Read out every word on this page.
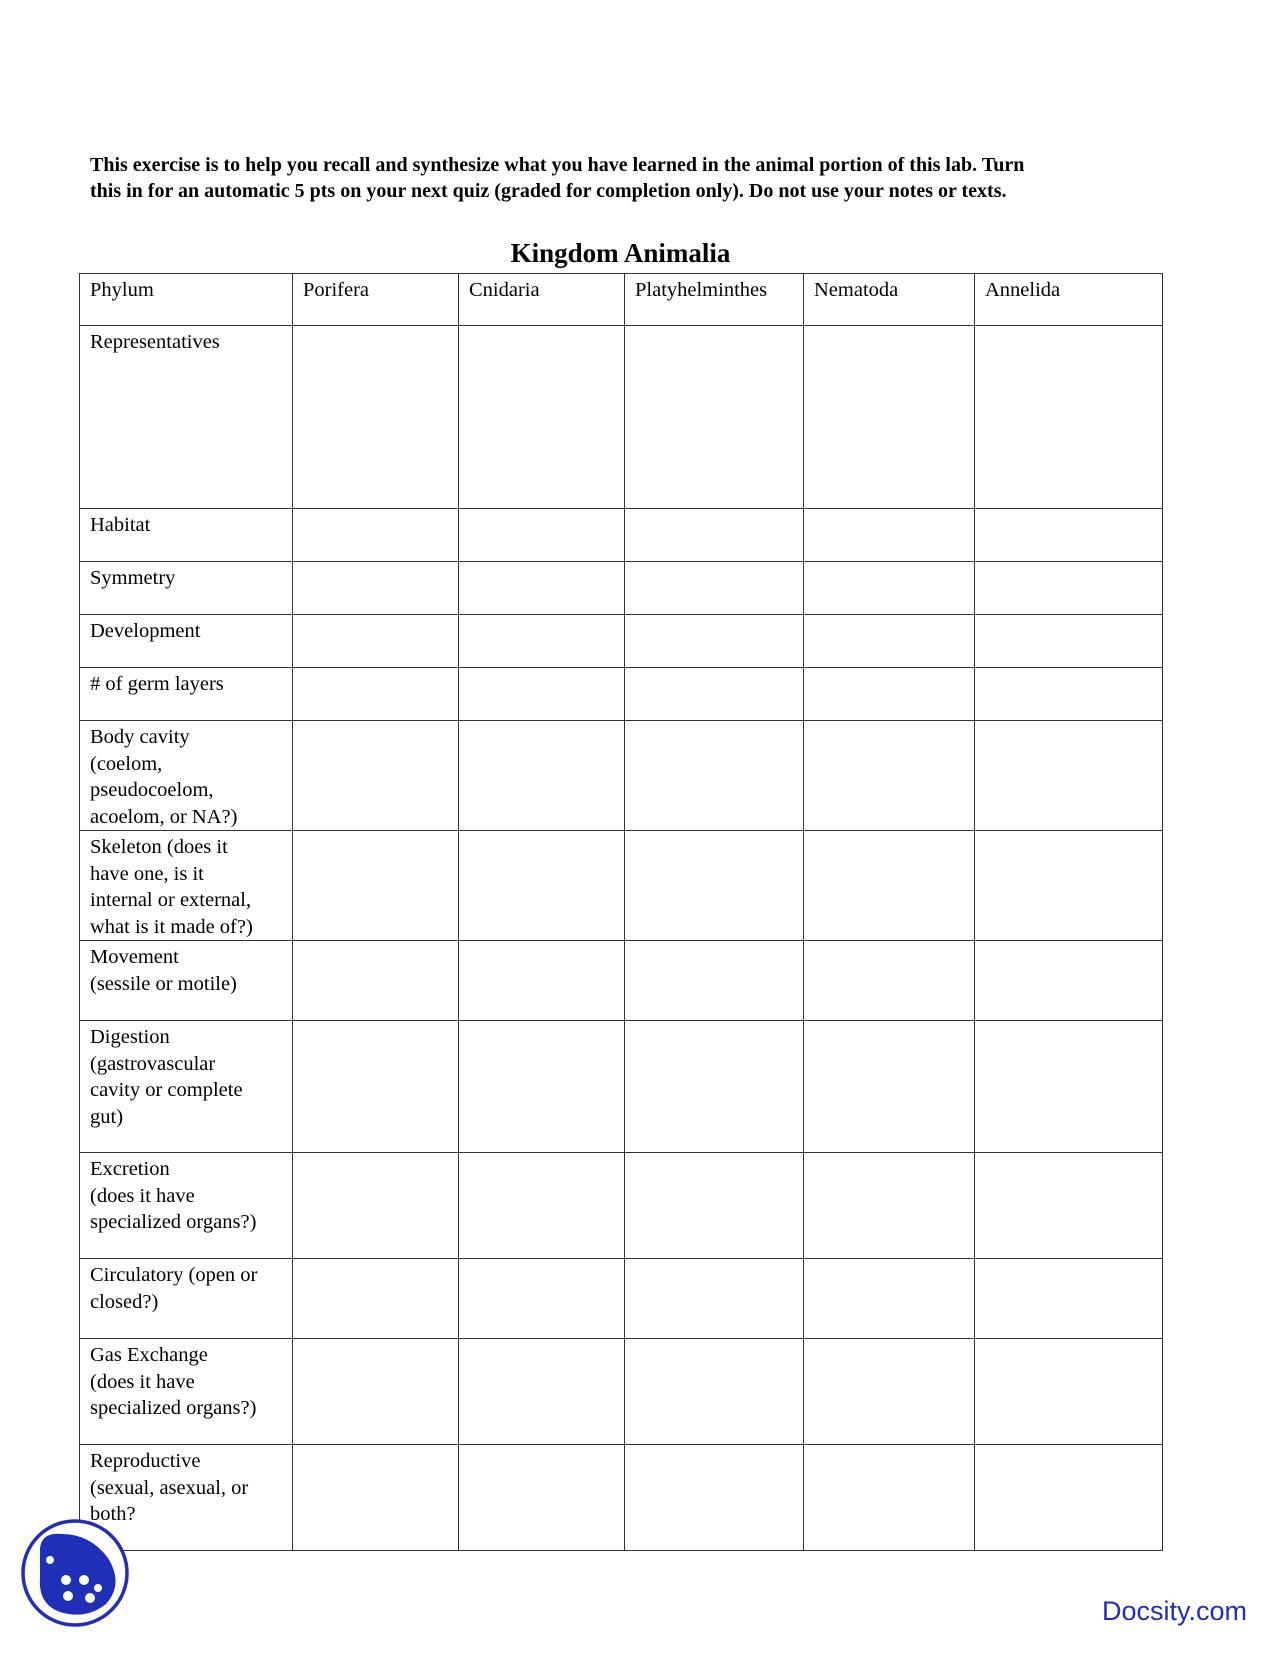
This exercise is to help you recall and synthesize what you have learned in the animal portion of this lab. Turn

this in for an automatic 5 pts on your next quiz (graded for completion only). Do not use your notes or texts.

Kingdom Animalia
Phylum	Porifera	Cnidaria	Platyhelminthes	Nematoda	Annelida

Representatives					

Habitat					

Symmetry					

Development					

# of germ layers					

Body cavity
(coelom,
pseudocoelom,
acoelom, or NA?)					

Skeleton (does it
have one, is it
internal or external,
what is it made of?)					

Movement
(sessile or motile)					

Digestion
(gastrovascular
cavity or complete
gut)					

Excretion
(does it have
specialized organs?)					

Circulatory (open or
closed?)					

Gas Exchange
(does it have
specialized organs?)					

Reproductive
(sexual, asexual, or
both?					

Docsity.com
